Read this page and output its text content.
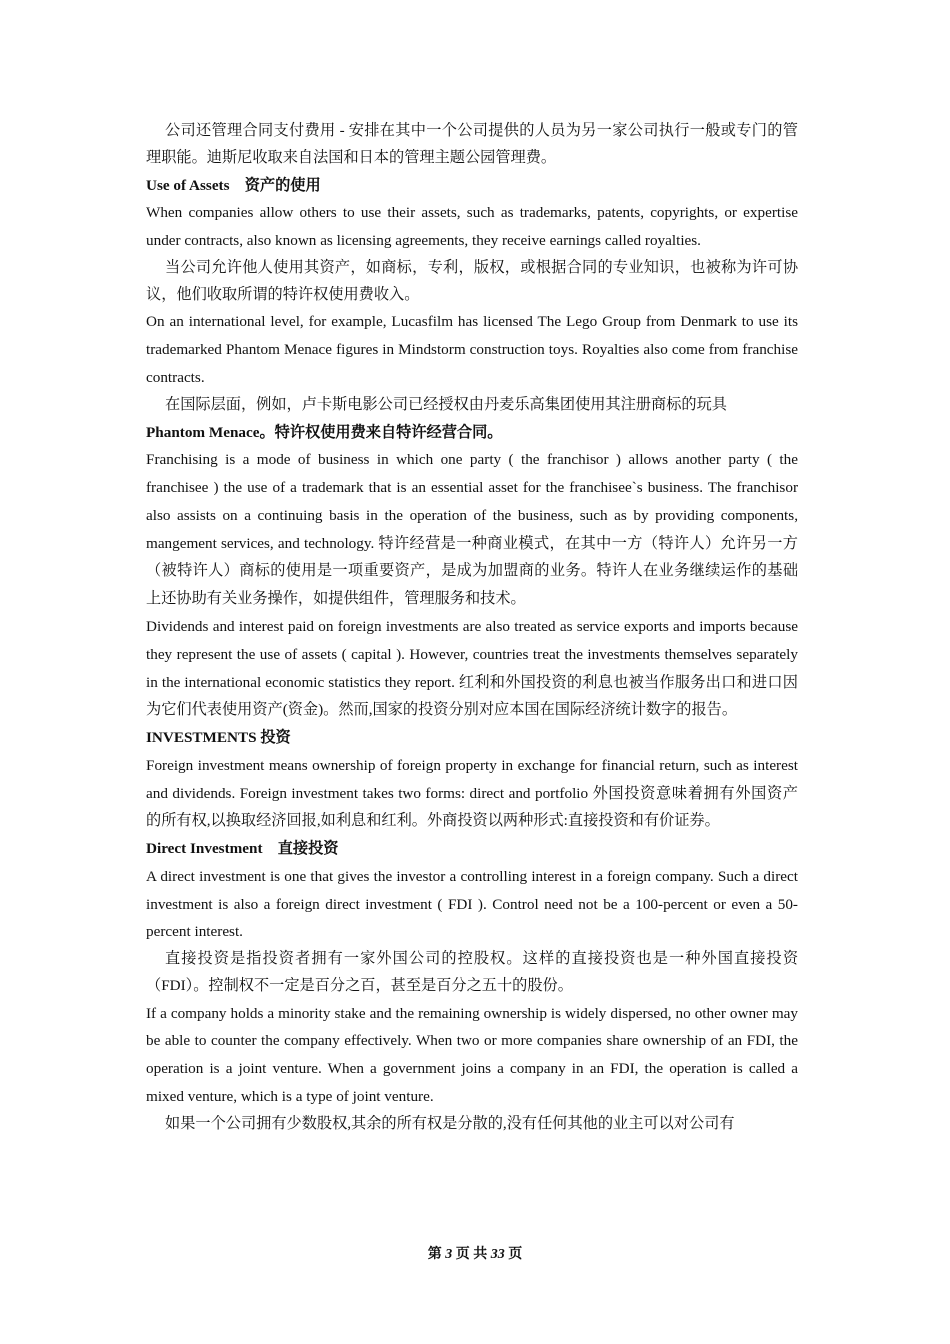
公司还管理合同支付费用 - 安排在其中一个公司提供的人员为另一家公司执行一般或专门的管理职能。迪斯尼收取来自法国和日本的管理主题公园管理费。

Use of Assets　资产的使用

When companies allow others to use their assets, such as trademarks, patents, copyrights, or expertise under contracts, also known as licensing agreements, they receive earnings called royalties.

当公司允许他人使用其资产，如商标，专利，版权，或根据合同的专业知识，也被称为许可协议，他们收取所谓的特许权使用费收入。

On an international level, for example, Lucasfilm has licensed The Lego Group from Denmark to use its trademarked Phantom Menace figures in Mindstorm construction toys. Royalties also come from franchise contracts.

在国际层面，例如，卢卡斯电影公司已经授权由丹麦乐高集团使用其注册商标的玩具

Phantom Menace。特许权使用费来自特许经营合同。

Franchising is a mode of business in which one party ( the franchisor ) allows another party ( the franchisee ) the use of a trademark that is an essential asset for the franchisee`s business. The franchisor also assists on a continuing basis in the operation of the business, such as by providing components, mangement services, and technology. 特许经营是一种商业模式，在其中一方（特许人）允许另一方（被特许人）商标的使用是一项重要资产，是成为加盟商的业务。特许人在业务继续运作的基础上还协助有关业务操作，如提供组件，管理服务和技术。

Dividends and interest paid on foreign investments are also treated as service exports and imports because they represent the use of assets ( capital ). However, countries treat the investments themselves separately in the international economic statistics they report. 红利和外国投资的利息也被当作服务出口和进口因为它们代表使用资产(资金)。然而,国家的投资分别对应本国在国际经济统计数字的报告。

INVESTMENTS 投资

Foreign investment means ownership of foreign property in exchange for financial return, such as interest and dividends. Foreign investment takes two forms: direct and portfolio 外国投资意味着拥有外国资产的所有权,以换取经济回报,如利息和红利。外商投资以两种形式:直接投资和有价证券。

Direct Investment　直接投资

A direct investment is one that gives the investor a controlling interest in a foreign company. Such a direct investment is also a foreign direct investment ( FDI ). Control need not be a 100-percent or even a 50-percent interest.

直接投资是指投资者拥有一家外国公司的控股权。这样的直接投资也是一种外国直接投资（FDI）。控制权不一定是百分之百，甚至是百分之五十的股份。

If a company holds a minority stake and the remaining ownership is widely dispersed, no other owner may be able to counter the company effectively. When two or more companies share ownership of an FDI, the operation is a joint venture. When a government joins a company in an FDI, the operation is called a mixed venture, which is a type of joint venture.

如果一个公司拥有少数股权,其余的所有权是分散的,没有任何其他的业主可以对公司有

第 3 页 共 33 页
